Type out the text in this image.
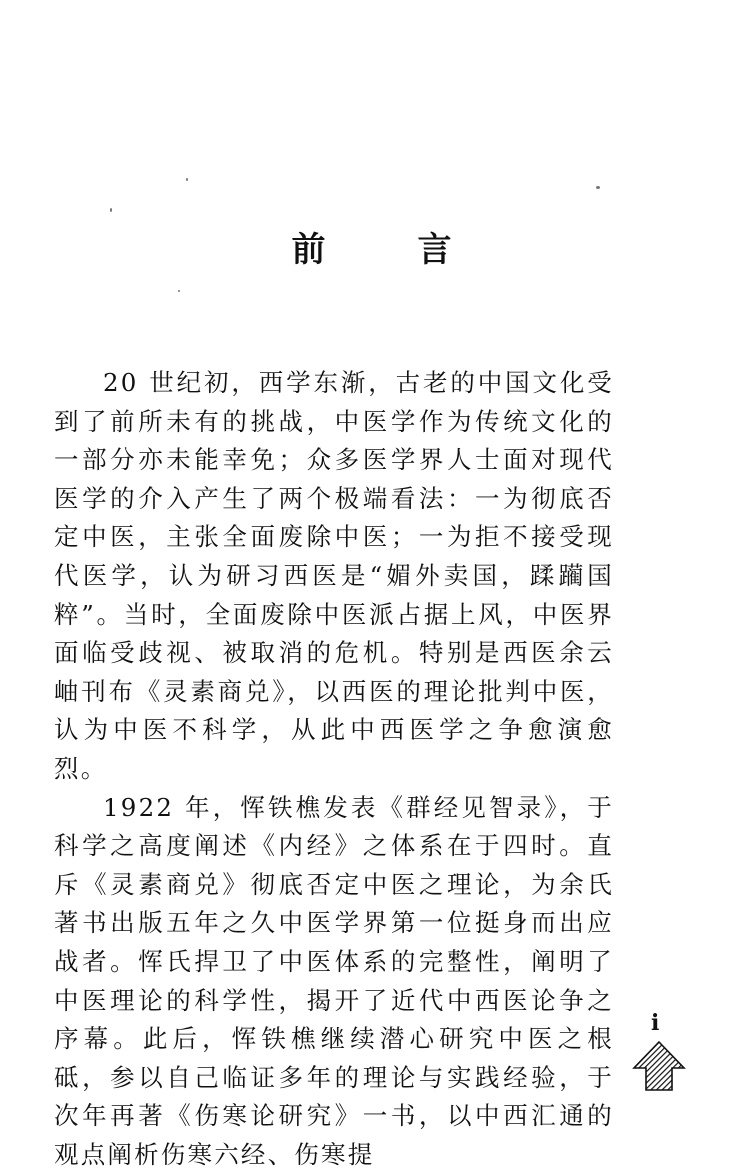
前	言

20 世纪初，西学东渐，古老的中国文化受到了前所未有的挑战，中医学作为传统文化的一部分亦未能幸免；众多医学界人士面对现代医学的介入产生了两个极端看法：一为彻底否定中医，主张全面废除中医；一为拒不接受现代医学，认为研习西医是“媚外卖国，蹂躏国粹”。当时，全面废除中医派占据上风，中医界面临受歧视、被取消的危机。特别是西医余云岫刊布《灵素商兑》，以西医的理论批判中医，认为中医不科学，从此中西医学之争愈演愈烈。

1922 年，恽铁樵发表《群经见智录》，于科学之高度阐述《内经》之体系在于四时。直斥《灵素商兑》彻底否定中医之理论，为余氏著书出版五年之久中医学界第一位挺身而出应战者。恽氏捍卫了中医体系的完整性，阐明了中医理论的科学性，揭开了近代中西医论争之序幕。此后，恽铁樵继续潜心研究中医之根砥，参以自己临证多年的理论与实践经验，于次年再著《伤寒论研究》一书，以中西汇通的观点阐析伤寒六经、伤寒提

i
